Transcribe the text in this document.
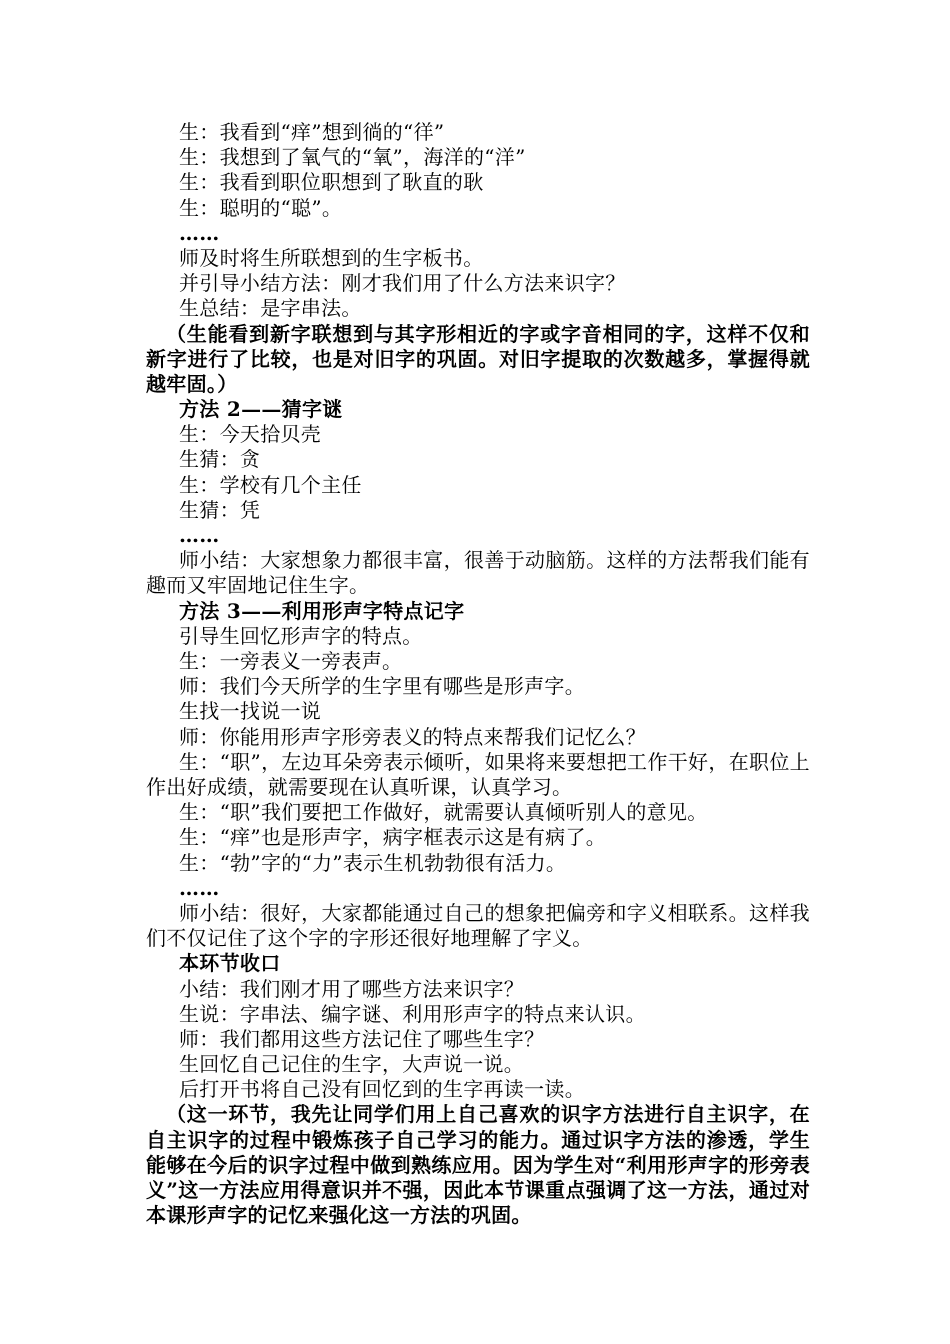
生：我看到“痒”想到徜的“徉”
生：我想到了氧气的“氧”，海洋的“洋”
生：我看到职位职想到了耿直的耿
生：聪明的“聪”。
……
师及时将生所联想到的生字板书。
并引导小结方法：刚才我们用了什么方法来识字？
生总结：是字串法。
（生能看到新字联想到与其字形相近的字或字音相同的字，这样不仅和新字进行了比较，也是对旧字的巩固。对旧字提取的次数越多，掌握得就越牢固。）
方法 2——猜字谜
生：今天拾贝壳
生猜：贪
生：学校有几个主任
生猜：凭
……
师小结：大家想象力都很丰富，很善于动脑筋。这样的方法帮我们能有趣而又牢固地记住生字。
方法 3——利用形声字特点记字
引导生回忆形声字的特点。
生：一旁表义一旁表声。
师：我们今天所学的生字里有哪些是形声字。
生找一找说一说
师：你能用形声字形旁表义的特点来帮我们记忆么？
生：“职”，左边耳朵旁表示倾听，如果将来要想把工作干好，在职位上作出好成绩，就需要现在认真听课，认真学习。
生：“职”我们要把工作做好，就需要认真倾听别人的意见。
生：“痒”也是形声字，病字框表示这是有病了。
生：“勃”字的“力”表示生机勃勃很有活力。
……
师小结：很好，大家都能通过自己的想象把偏旁和字义相联系。这样我们不仅记住了这个字的字形还很好地理解了字义。
本环节收口
小结：我们刚才用了哪些方法来识字？
生说：字串法、编字谜、利用形声字的特点来认识。
师：我们都用这些方法记住了哪些生字？
生回忆自己记住的生字，大声说一说。
后打开书将自己没有回忆到的生字再读一读。
（这一环节，我先让同学们用上自己喜欢的识字方法进行自主识字，在自主识字的过程中锻炼孩子自己学习的能力。通过识字方法的渗透，学生能够在今后的识字过程中做到熟练应用。因为学生对“利用形声字的形旁表义”这一方法应用得意识并不强，因此本节课重点强调了这一方法，通过对本课形声字的记忆来强化这一方法的巩固。
